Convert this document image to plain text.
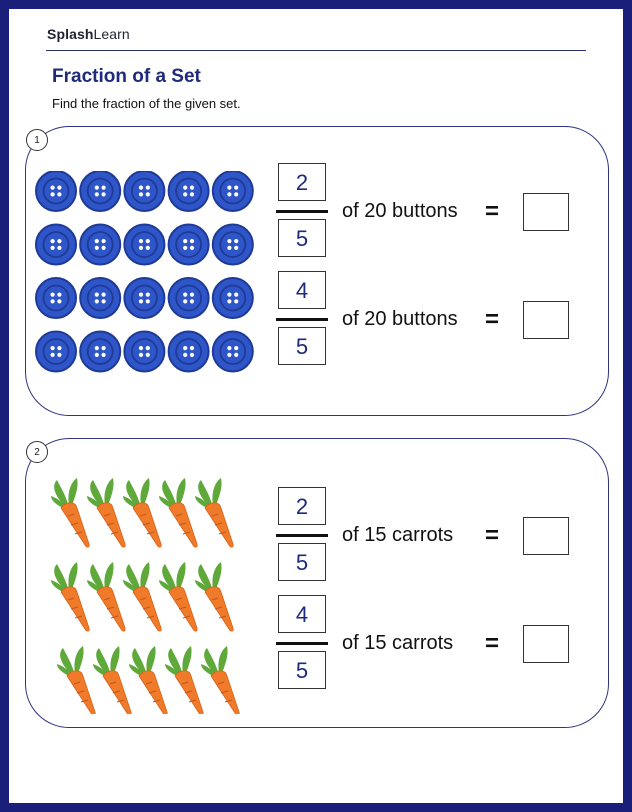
SplashLearn
Fraction of a Set
Find the fraction of the given set.
1
2
5
of 20 buttons =
4
5
of 20 buttons =
2
2
5
of 15 carrots =
4
5
of 15 carrots =
